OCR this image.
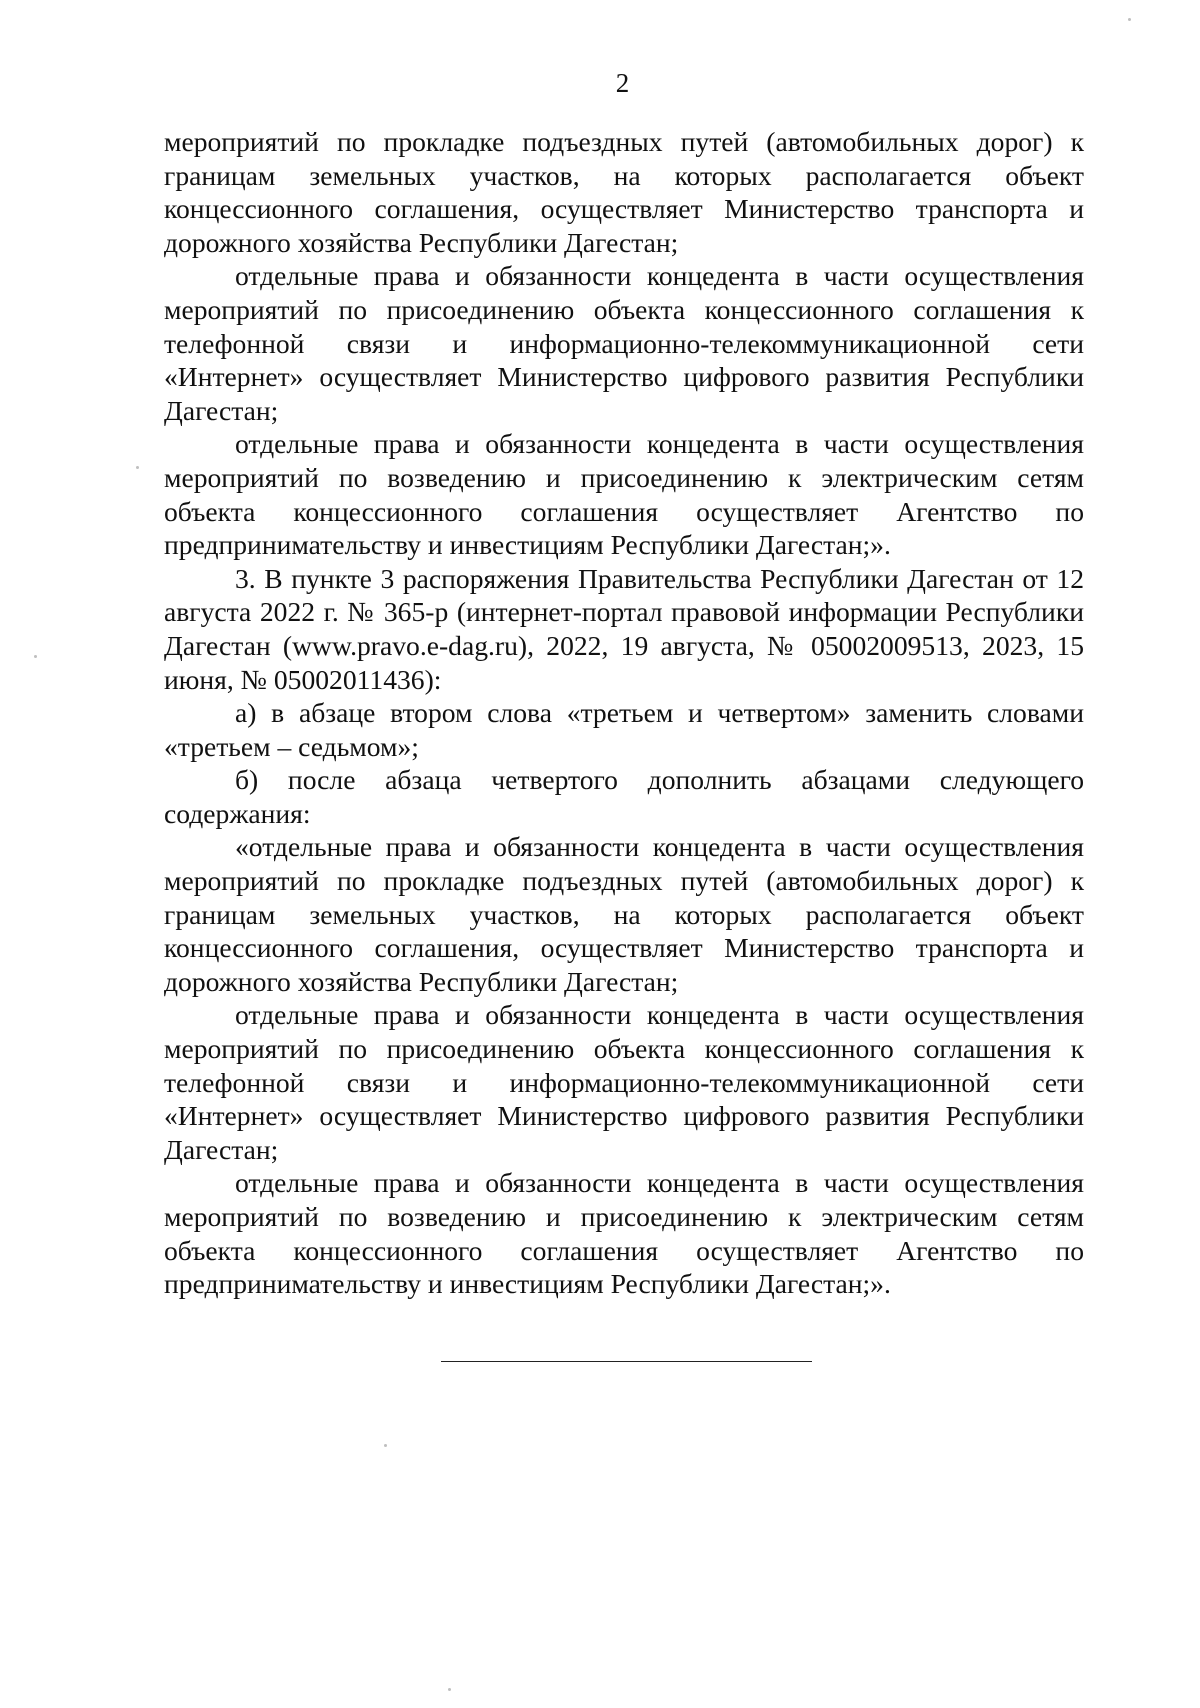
2

мероприятий по прокладке подъездных путей (автомобильных дорог) к границам земельных участков, на которых располагается объект концессионного соглашения, осуществляет Министерство транспорта и дорожного хозяйства Республики Дагестан;

отдельные права и обязанности концедента в части осуществления мероприятий по присоединению объекта концессионного соглашения к телефонной связи и информационно-телекоммуникационной сети «Интернет» осуществляет Министерство цифрового развития Республики Дагестан;

отдельные права и обязанности концедента в части осуществления мероприятий по возведению и присоединению к электрическим сетям объекта концессионного соглашения осуществляет Агентство по предпринимательству и инвестициям Республики Дагестан;».

3. В пункте 3 распоряжения Правительства Республики Дагестан от 12 августа 2022 г. № 365-р (интернет-портал правовой информации Республики Дагестан (www.pravo.e-dag.ru), 2022, 19 августа, № 05002009513, 2023, 15 июня, № 05002011436):

а) в абзаце втором слова «третьем и четвертом» заменить словами «третьем – седьмом»;

б) после абзаца четвертого дополнить абзацами следующего содержания:

«отдельные права и обязанности концедента в части осуществления мероприятий по прокладке подъездных путей (автомобильных дорог) к границам земельных участков, на которых располагается объект концессионного соглашения, осуществляет Министерство транспорта и дорожного хозяйства Республики Дагестан;

отдельные права и обязанности концедента в части осуществления мероприятий по присоединению объекта концессионного соглашения к телефонной связи и информационно-телекоммуникационной сети «Интернет» осуществляет Министерство цифрового развития Республики Дагестан;

отдельные права и обязанности концедента в части осуществления мероприятий по возведению и присоединению к электрическим сетям объекта концессионного соглашения осуществляет Агентство по предпринимательству и инвестициям Республики Дагестан;».
